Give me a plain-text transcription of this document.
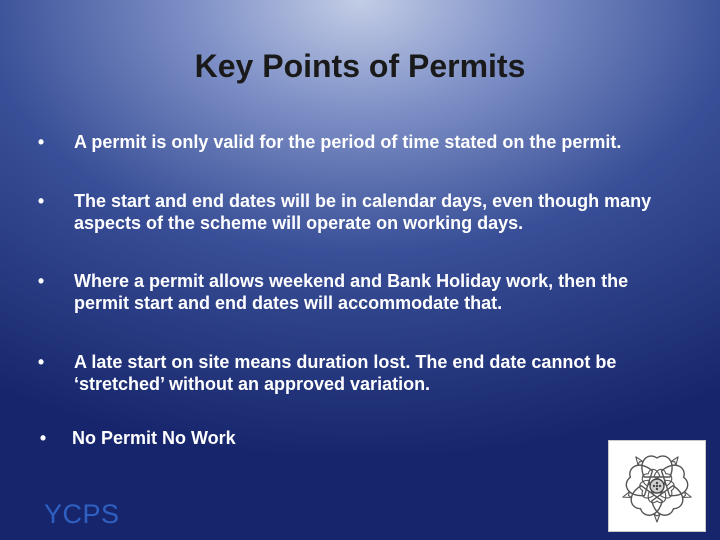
Key Points of Permits
• A permit is only valid for the period of time stated on the permit.
• The start and end dates will be in calendar days, even though many aspects of the scheme will operate on working days.
• Where a permit allows weekend and Bank Holiday work, then the permit start and end dates will accommodate that.
• A late start on site means duration lost. The end date cannot be ‘stretched’ without an approved variation.
• No Permit No Work
YCPS
